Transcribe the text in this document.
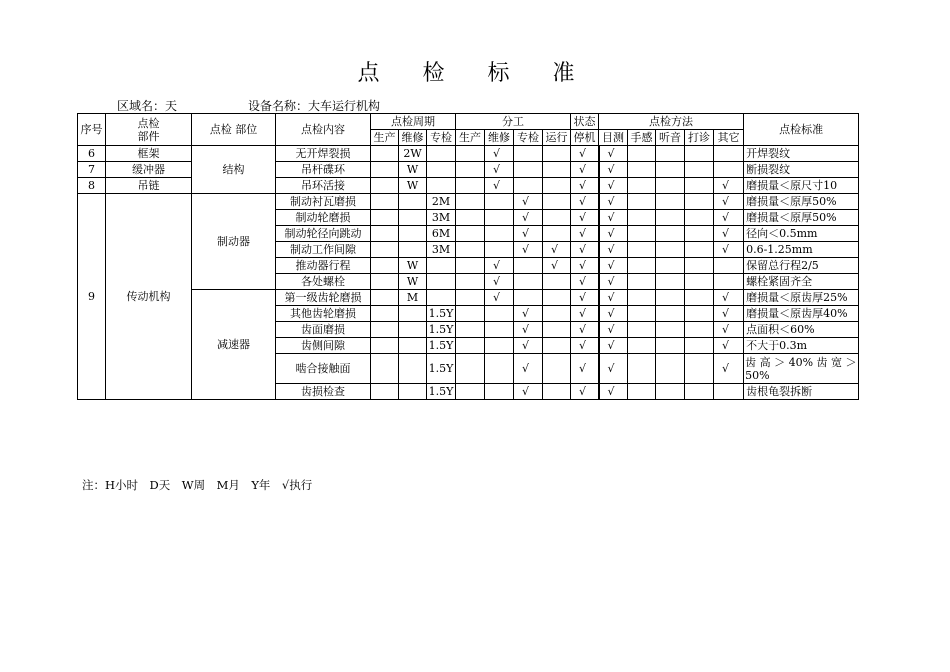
点 检 标 准
区域名：天	设备名称：大车运行机构
序号	点检部件	点检 部位	点检内容	点检周期			分工				状态	点检方法					点检标准
				生产	维修	专检	生产	维修	专检	运行	停机	目测	手感	听音	打诊	其它	
6	框架	结构	无开焊裂损		2W			√			√	√					开焊裂纹
7	缓冲器		吊杆碟环		W			√			√	√					断损裂纹
8	吊链		吊环活接		W			√			√	√				√	磨损量＜原尺寸10
9	传动机构	制动器	制动衬瓦磨损			2M			√		√	√				√	磨损量＜原厚50%
			制动轮磨损			3M			√		√	√				√	磨损量＜原厚50%
			制动轮径向跳动			6M			√		√	√				√	径向＜0.5mm
			制动工作间隙			3M			√	√	√	√				√	0.6-1.25mm
			推动器行程		W			√		√	√	√					保留总行程2/5
			各处螺栓		W			√			√	√					螺栓紧固齐全
		减速器	第一级齿轮磨损		M			√			√	√				√	磨损量＜原齿厚25%
			其他齿轮磨损			1.5Y			√		√	√				√	磨损量＜原齿厚40%
			齿面磨损			1.5Y			√		√	√				√	点面积＜60%
			齿侧间隙			1.5Y			√		√	√				√	不大于0.3m
			啮合接触面			1.5Y			√		√	√				√	齿 高 ＞ 40% 齿 宽 ＞ 50%
			齿损检查			1.5Y			√		√	√					齿根龟裂拆断
注：H小时　D天　W周　M月　Y年　√执行
